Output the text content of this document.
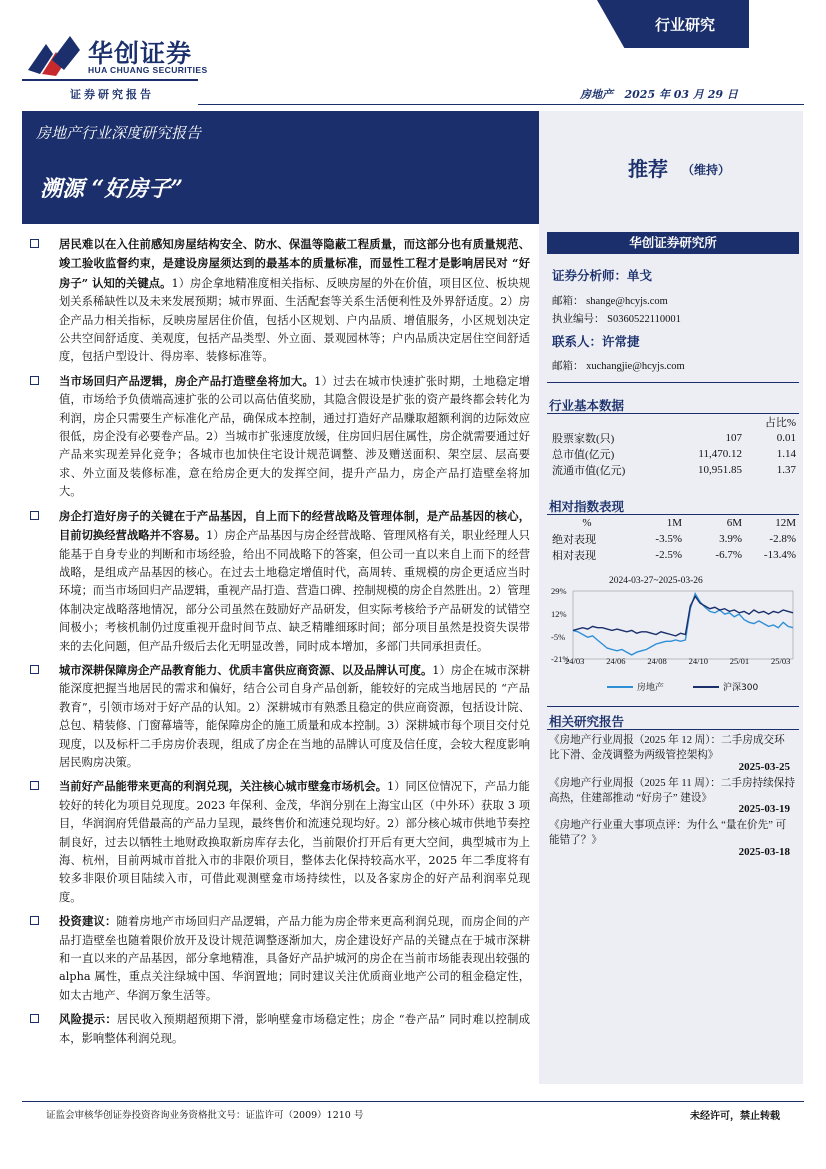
华创证券
HUA CHUANG SECURITIES
证券研究报告
行业研究
房地产 2025 年 03 月 29 日
房地产行业深度研究报告
溯源 “好房子”
推荐 （维持）
居民难以在入住前感知房屋结构安全、防水、保温等隐蔽工程质量，而这部分也有质量规范、竣工验收监督约束，是建设房屋须达到的最基本的质量标准，而显性工程才是影响居民对 “好房子” 认知的关键点。1）房企拿地精准度相关指标、反映房屋的外在价值，项目区位、板块规划关系稀缺性以及未来发展预期；城市界面、生活配套等关系生活便利性及外界舒适度。2）房企产品力相关指标，反映房屋居住价值，包括小区规划、户内品质、增值服务，小区规划决定公共空间舒适度、美观度，包括产品类型、外立面、景观园林等；户内品质决定居住空间舒适度，包括户型设计、得房率、装修标准等。
当市场回归产品逻辑，房企产品打造壁垒将加大。1）过去在城市快速扩张时期，土地稳定增值，市场给予负债端高速扩张的公司以高估值奖励，其隐含假设是扩张的资产最终都会转化为利润，房企只需要生产标准化产品，确保成本控制，通过打造好产品赚取超额利润的边际效应很低，房企没有必要卷产品。2）当城市扩张速度放缓，住房回归居住属性，房企就需要通过好产品来实现差异化竞争；各城市也加快住宅设计规范调整、涉及赠送面积、架空层、层高要求、外立面及装修标准，意在给房企更大的发挥空间，提升产品力，房企产品打造壁垒将加大。
房企打造好房子的关键在于产品基因，自上而下的经营战略及管理体制，是产品基因的核心，目前切换经营战略并不容易。1）房企产品基因与房企经营战略、管理风格有关，职业经理人只能基于自身专业的判断和市场经验，给出不同战略下的答案，但公司一直以来自上而下的经营战略，是组成产品基因的核心。在过去土地稳定增值时代，高周转、重规模的房企更适应当时环境；而当市场回归产品逻辑，重视产品打造、营造口碑、控制规模的房企自然胜出。2）管理体制决定战略落地情况，部分公司虽然在鼓励好产品研发，但实际考核给予产品研发的试错空间极小；考核机制仍过度重视开盘时间节点、缺乏精雕细琢时间；部分项目虽然是投资失误带来的去化问题，但产品升级后去化无明显改善，同时成本增加，多部门共同承担责任。
城市深耕保障房企产品教育能力、优质丰富供应商资源、以及品牌认可度。1）房企在城市深耕能深度把握当地居民的需求和偏好，结合公司自身产品创新，能较好的完成当地居民的 “产品教育”，引领市场对于好产品的认知。2）深耕城市有熟悉且稳定的供应商资源，包括设计院、总包、精装修、门窗幕墙等，能保障房企的施工质量和成本控制。3）深耕城市每个项目交付兑现度，以及标杆二手房房价表现，组成了房企在当地的品牌认可度及信任度，会较大程度影响居民购房决策。
当前好产品能带来更高的利润兑现，关注核心城市壁龛市场机会。1）同区位情况下，产品力能较好的转化为项目兑现度。2023 年保利、金茂，华润分别在上海宝山区（中外环）获取 3 项目，华润润府凭借最高的产品力呈现，最终售价和流速兑现均好。2）部分核心城市供地节奏控制良好，过去以牺牲土地财政换取新房库存去化，当前限价打开后有更大空间，典型城市为上海、杭州，目前两城市首批入市的非限价项目，整体去化保持较高水平，2025 年二季度将有较多非限价项目陆续入市，可借此观测壁龛市场持续性，以及各家房企的好产品利润率兑现度。
投资建议：随着房地产市场回归产品逻辑，产品力能为房企带来更高利润兑现，而房企间的产品打造壁垒也随着限价放开及设计规范调整逐渐加大，房企建设好产品的关键点在于城市深耕和一直以来的产品基因，部分拿地精准，具备好产品护城河的房企在当前市场能表现出较强的 alpha 属性，重点关注绿城中国、华润置地；同时建议关注优质商业地产公司的租金稳定性，如太古地产、华润万象生活等。
风险提示：居民收入预期超预期下滑，影响壁龛市场稳定性；房企 “卷产品” 同时难以控制成本，影响整体利润兑现。
华创证券研究所
证券分析师：单戈
邮箱： shange@hcyjs.com
执业编号： S0360522110001
联系人：许常捷
邮箱： xuchangjie@hcyjs.com
行业基本数据
		占比%
股票家数(只)	107	0.01
总市值(亿元)	11,470.12	1.14
流通市值(亿元)	10,951.85	1.37
相对指数表现
%	1M	6M	12M
绝对表现	-3.5%	3.9%	-2.8%
相对表现	-2.5%	-6.7%	-13.4%
2024-03-27~2025-03-26
29%
12%
-5%
-21%
24/03	24/06	24/08	24/10	25/01	25/03
房地产	沪深300
相关研究报告
《房地产行业周报（2025 年 12 周）：二手房成交环比下滑、金茂调整为两级管控架构》
2025-03-25
《房地产行业周报（2025 年 11 周）：二手房持续保持高热，住建部推动 “好房子” 建设》
2025-03-19
《房地产行业重大事项点评：为什么 “量在价先” 可能错了？》
2025-03-18
证监会审核华创证券投资咨询业务资格批文号：证监许可（2009）1210 号	未经许可，禁止转载
